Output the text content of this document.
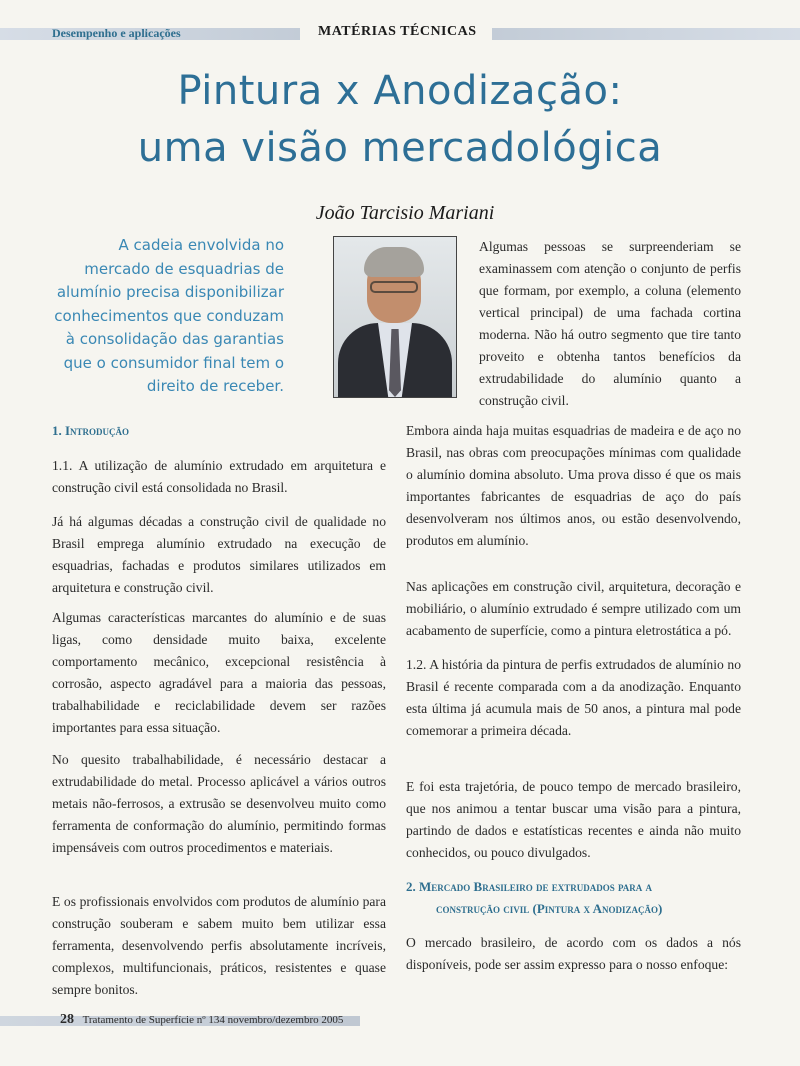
Desempenho e aplicações	MATÉRIAS TÉCNICAS
Pintura x Anodização:
uma visão mercadológica
João Tarcisio Mariani
A cadeia envolvida no
mercado de esquadrias de
alumínio precisa disponibilizar
conhecimentos que conduzam
à consolidação das garantias
que o consumidor final tem o
direito de receber.

Algumas pessoas se surpreenderiam se examinassem com atenção o conjunto de perfis que formam, por exemplo, a coluna (elemento vertical principal) de uma fachada cortina moderna. Não há outro segmento que tire tanto proveito e obtenha tantos benefícios da extrudabilidade do alumínio quanto a construção civil.

1. Introdução

1.1. A utilização de alumínio extrudado em arquitetura e construção civil está consolidada no Brasil.

Já há algumas décadas a construção civil de qualidade no Brasil emprega alumínio extrudado na execução de esquadrias, fachadas e produtos similares utilizados em arquitetura e construção civil.

Algumas características marcantes do alumínio e de suas ligas, como densidade muito baixa, excelente comportamento mecânico, excepcional resistência à corrosão, aspecto agradável para a maioria das pessoas, trabalhabilidade e reciclabilidade devem ser razões importantes para essa situação.

No quesito trabalhabilidade, é necessário destacar a extrudabilidade do metal. Processo aplicável a vários outros metais não-ferrosos, a extrusão se desenvolveu muito como ferramenta de conformação do alumínio, permitindo formas impensáveis com outros procedimentos e materiais.

E os profissionais envolvidos com produtos de alumínio para construção souberam e sabem muito bem utilizar essa ferramenta, desenvolvendo perfis absolutamente incríveis, complexos, multifuncionais, práticos, resistentes e quase sempre bonitos.

Embora ainda haja muitas esquadrias de madeira e de aço no Brasil, nas obras com preocupações mínimas com qualidade o alumínio domina absoluto. Uma prova disso é que os mais importantes fabricantes de esquadrias de aço do país desenvolveram nos últimos anos, ou estão desenvolvendo, produtos em alumínio.

Nas aplicações em construção civil, arquitetura, decoração e mobiliário, o alumínio extrudado é sempre utilizado com um acabamento de superfície, como a pintura eletrostática a pó.

1.2. A história da pintura de perfis extrudados de alumínio no Brasil é recente comparada com a da anodização. Enquanto esta última já acumula mais de 50 anos, a pintura mal pode comemorar a primeira década.

E foi esta trajetória, de pouco tempo de mercado brasileiro, que nos animou a tentar buscar uma visão para a pintura, partindo de dados e estatísticas recentes e ainda não muito conhecidos, ou pouco divulgados.

2. Mercado Brasileiro de extrudados para a
construção civil (Pintura x Anodização)

O mercado brasileiro, de acordo com os dados a nós disponíveis, pode ser assim expresso para o nosso enfoque:

28 Tratamento de Superfície nº 134 novembro/dezembro 2005
